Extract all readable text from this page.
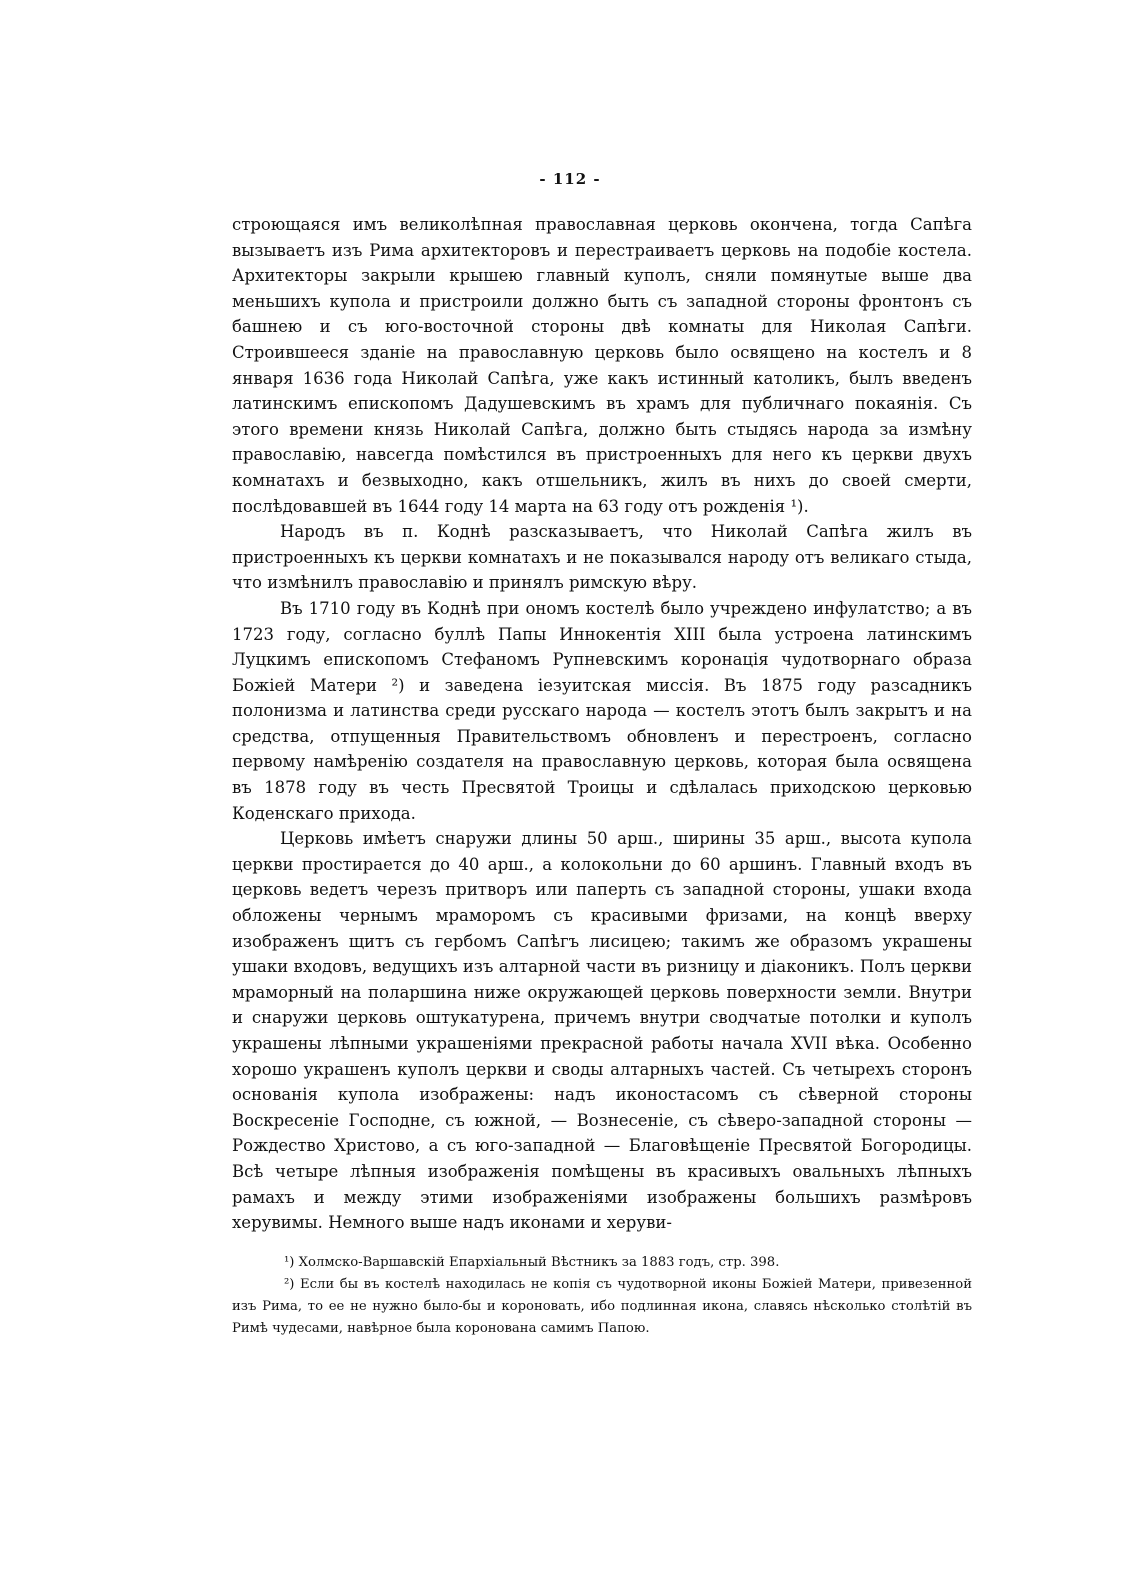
- 112 -

строющаяся имъ великолѣпная православная церковь окончена, тогда Сапѣга вызываетъ изъ Рима архитекторовъ и перестраиваетъ церковь на подобіе костела. Архитекторы закрыли крышею главный куполъ, сняли помянутые выше два меньшихъ купола и пристроили должно быть съ западной стороны фронтонъ съ башнею и съ юго-восточной стороны двѣ комнаты для Николая Сапѣги. Строившееся зданіе на православную церковь было освящено на костелъ и 8 января 1636 года Николай Сапѣга, уже какъ истинный католикъ, былъ введенъ латинскимъ епископомъ Дадушевскимъ въ храмъ для публичнаго покаянія. Съ этого времени князь Николай Сапѣга, должно быть стыдясь народа за измѣну православію, навсегда помѣстился въ пристроенныхъ для него къ церкви двухъ комнатахъ и безвыходно, какъ отшельникъ, жилъ въ нихъ до своей смерти, послѣдовавшей въ 1644 году 14 марта на 63 году отъ рожденія ¹).

Народъ въ п. Коднѣ разсказываетъ, что Николай Сапѣга жилъ въ пристроенныхъ къ церкви комнатахъ и не показывался народу отъ великаго стыда, что измѣнилъ православію и принялъ римскую вѣру.

Въ 1710 году въ Коднѣ при ономъ костелѣ было учреждено инфулатство; а въ 1723 году, согласно буллѣ Папы Иннокентія XIII была устроена латинскимъ Луцкимъ епископомъ Стефаномъ Рупневскимъ коронація чудотворнаго образа Божіей Матери ²) и заведена іезуитская миссія. Въ 1875 году разсадникъ полонизма и латинства среди русскаго народа — костелъ этотъ былъ закрытъ и на средства, отпущенныя Правительствомъ обновленъ и перестроенъ, согласно первому намѣренію создателя на православную церковь, которая была освящена въ 1878 году въ честь Пресвятой Троицы и сдѣлалась приходскою церковью Коденскаго прихода.

Церковь имѣетъ снаружи длины 50 арш., ширины 35 арш., высота купола церкви простирается до 40 арш., а колокольни до 60 аршинъ. Главный входъ въ церковь ведетъ черезъ притворъ или паперть съ западной стороны, ушаки входа обложены чернымъ мраморомъ съ красивыми фризами, на концѣ вверху изображенъ щитъ съ гербомъ Сапѣгъ лисицею; такимъ же образомъ украшены ушаки входовъ, ведущихъ изъ алтарной части въ ризницу и діаконикъ. Полъ церкви мраморный на поларшина ниже окружающей церковь поверхности земли. Внутри и снаружи церковь оштукатурена, причемъ внутри сводчатые потолки и куполъ украшены лѣпными украшеніями прекрасной работы начала XVII вѣка. Особенно хорошо украшенъ куполъ церкви и своды алтарныхъ частей. Съ четырехъ сторонъ основанія купола изображены: надъ иконостасомъ съ сѣверной стороны Воскресеніе Господне, съ южной, — Вознесеніе, съ сѣверо-западной стороны — Рождество Христово, а съ юго-западной — Благовѣщеніе Пресвятой Богородицы. Всѣ четыре лѣпныя изображенія помѣщены въ красивыхъ овальныхъ лѣпныхъ рамахъ и между этими изображеніями изображены большихъ размѣровъ херувимы. Немного выше надъ иконами и херуви-

¹) Холмско-Варшавскій Епархіальный Вѣстникъ за 1883 годъ, стр. 398.

²) Если бы въ костелѣ находилась не копія съ чудотворной иконы Божіей Матери, привезенной изъ Рима, то ее не нужно было-бы и короновать, ибо подлинная икона, славясь нѣсколько столѣтій въ Римѣ чудесами, навѣрное была коронована самимъ Папою.
